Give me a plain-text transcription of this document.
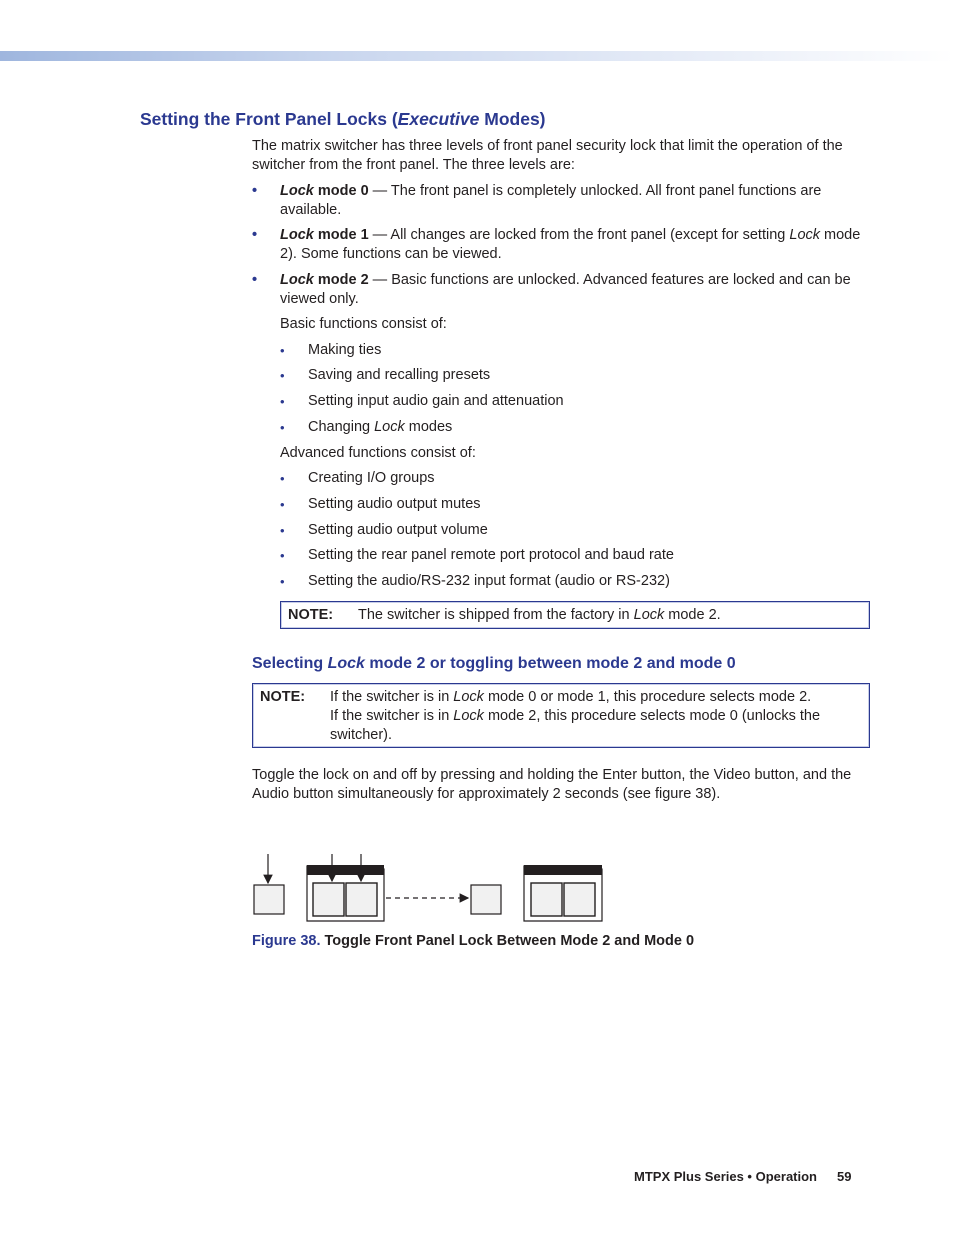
Setting the Front Panel Locks (Executive Modes)
The matrix switcher has three levels of front panel security lock that limit the operation of the switcher from the front panel. The three levels are:
• Lock mode 0 — The front panel is completely unlocked. All front panel functions are available.
• Lock mode 1 — All changes are locked from the front panel (except for setting Lock mode 2). Some functions can be viewed.
• Lock mode 2 — Basic functions are unlocked. Advanced features are locked and can be viewed only.
Basic functions consist of:
• Making ties
• Saving and recalling presets
• Setting input audio gain and attenuation
• Changing Lock modes
Advanced functions consist of:
• Creating I/O groups
• Setting audio output mutes
• Setting audio output volume
• Setting the rear panel remote port protocol and baud rate
• Setting the audio/RS-232 input format (audio or RS-232)
NOTE: The switcher is shipped from the factory in Lock mode 2.
Selecting Lock mode 2 or toggling between mode 2 and mode 0
NOTE: If the switcher is in Lock mode 0 or mode 1, this procedure selects mode 2.
If the switcher is in Lock mode 2, this procedure selects mode 0 (unlocks the
switcher).
Toggle the lock on and off by pressing and holding the Enter button, the Video button, and the Audio button simultaneously for approximately 2 seconds (see figure 38).
Figure 38. Toggle Front Panel Lock Between Mode 2 and Mode 0
MTPX Plus Series • Operation 59
